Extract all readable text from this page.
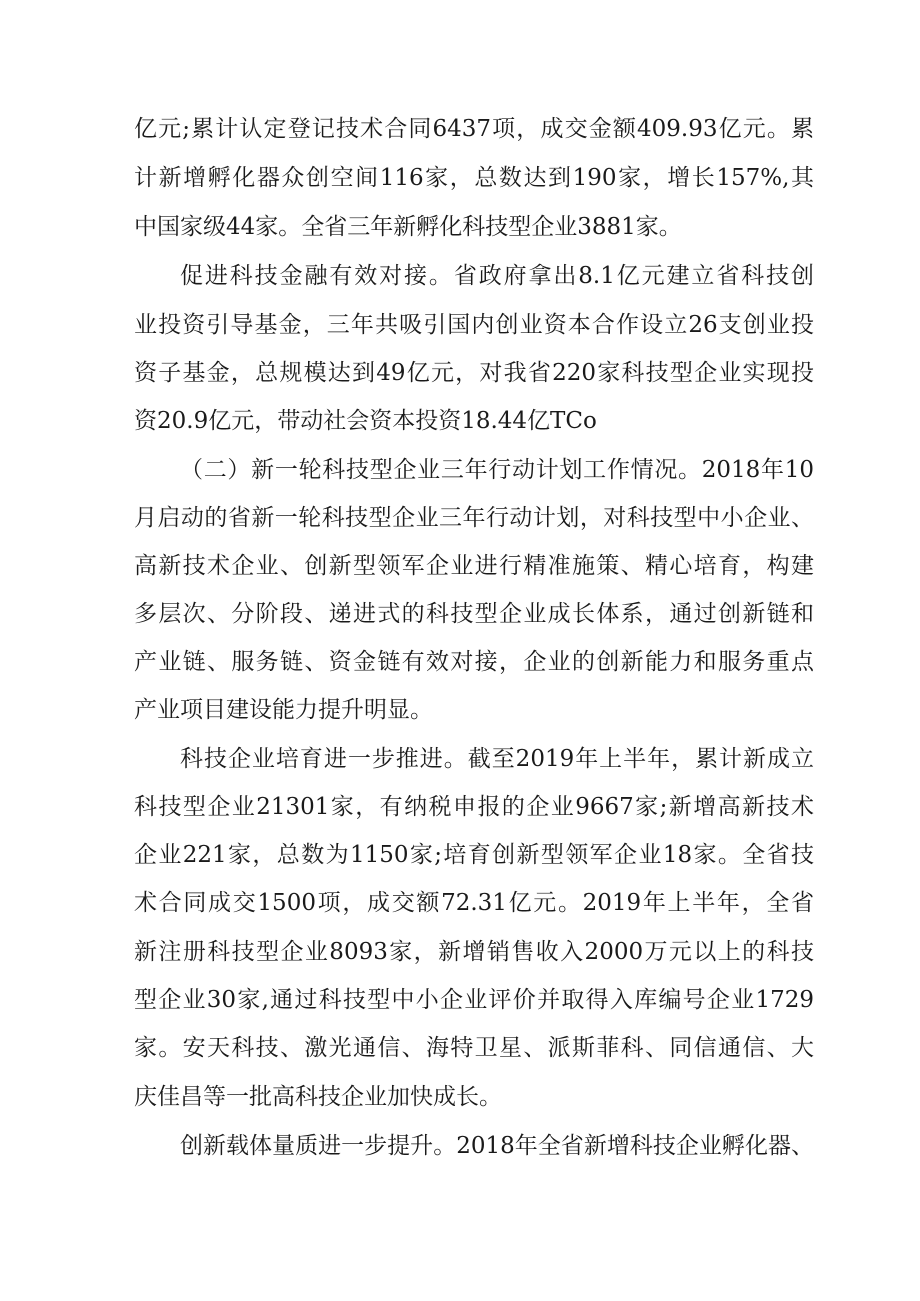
亿元;累计认定登记技术合同6437项，成交金额409.93亿元。累
计新增孵化器众创空间116家，总数达到190家，增长157%,其
中国家级44家。全省三年新孵化科技型企业3881家。
促进科技金融有效对接。省政府拿出8.1亿元建立省科技创
业投资引导基金，三年共吸引国内创业资本合作设立26支创业投
资子基金，总规模达到49亿元，对我省220家科技型企业实现投
资20.9亿元，带动社会资本投资18.44亿TCo
（二）新一轮科技型企业三年行动计划工作情况。2018年10
月启动的省新一轮科技型企业三年行动计划，对科技型中小企业、
高新技术企业、创新型领军企业进行精准施策、精心培育，构建
多层次、分阶段、递进式的科技型企业成长体系，通过创新链和
产业链、服务链、资金链有效对接，企业的创新能力和服务重点
产业项目建设能力提升明显。
科技企业培育进一步推进。截至2019年上半年，累计新成立
科技型企业21301家，有纳税申报的企业9667家;新增高新技术
企业221家，总数为1150家;培育创新型领军企业18家。全省技
术合同成交1500项，成交额72.31亿元。2019年上半年，全省
新注册科技型企业8093家，新增销售收入2000万元以上的科技
型企业30家,通过科技型中小企业评价并取得入库编号企业1729
家。安天科技、激光通信、海特卫星、派斯菲科、同信通信、大
庆佳昌等一批高科技企业加快成长。
创新载体量质进一步提升。2018年全省新增科技企业孵化器、
